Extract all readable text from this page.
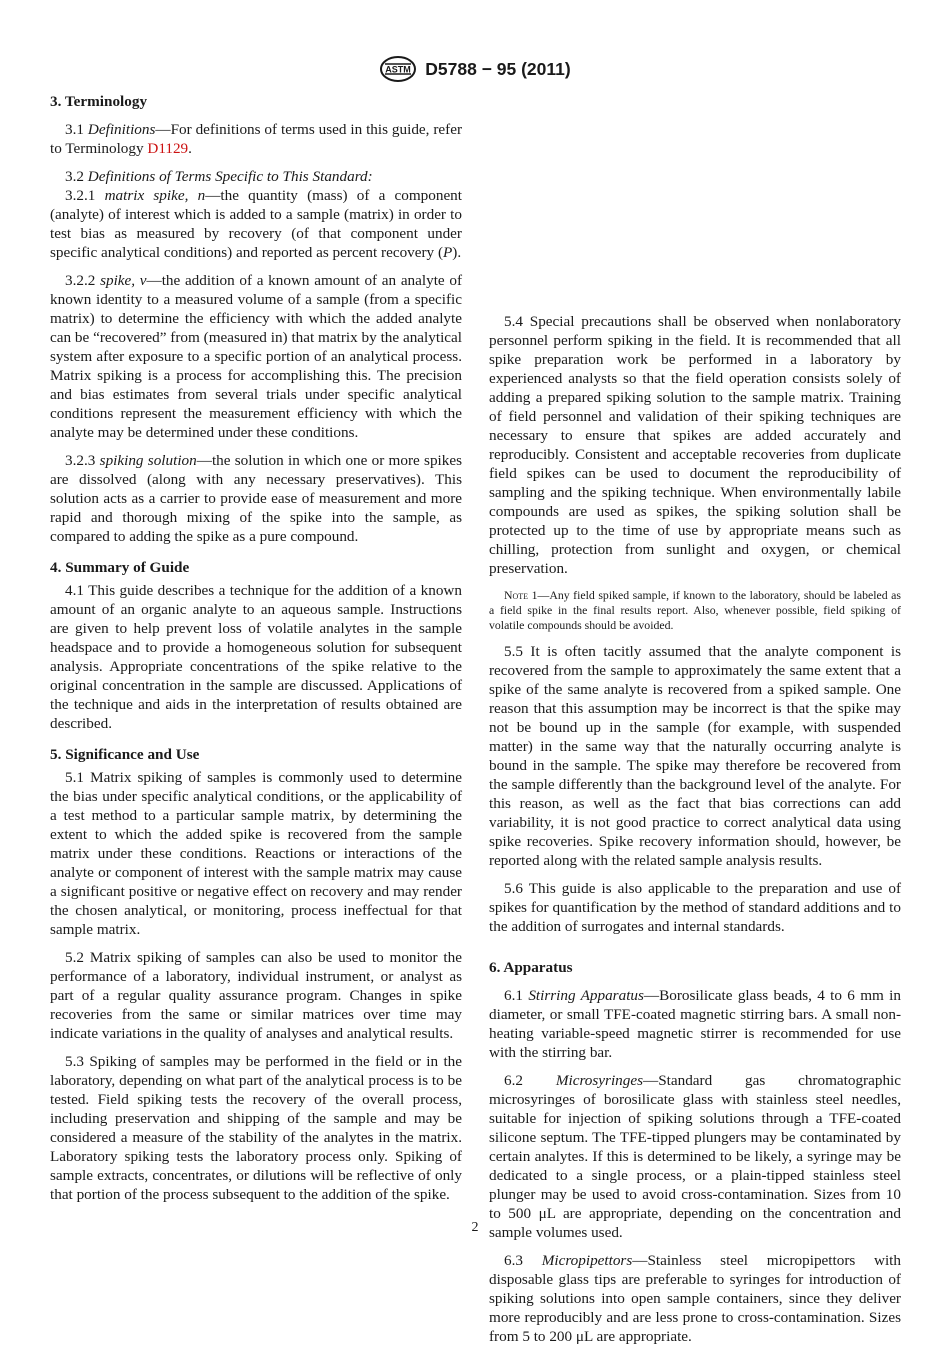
ASTM D5788 − 95 (2011)
3. Terminology

3.1 Definitions—For definitions of terms used in this guide, refer to Terminology D1129.

3.2 Definitions of Terms Specific to This Standard:

3.2.1 matrix spike, n—the quantity (mass) of a component (analyte) of interest which is added to a sample (matrix) in order to test bias as measured by recovery (of that component under specific analytical conditions) and reported as percent recovery (P).

3.2.2 spike, v—the addition of a known amount of an analyte of known identity to a measured volume of a sample (from a specific matrix) to determine the efficiency with which the added analyte can be “recovered” from (measured in) that matrix by the analytical system after exposure to a specific portion of an analytical process. Matrix spiking is a process for accomplishing this. The precision and bias estimates from several trials under specific analytical conditions represent the measurement efficiency with which the analyte may be determined under these conditions.

3.2.3 spiking solution—the solution in which one or more spikes are dissolved (along with any necessary preservatives). This solution acts as a carrier to provide ease of measurement and more rapid and thorough mixing of the spike into the sample, as compared to adding the spike as a pure compound.

4. Summary of Guide

4.1 This guide describes a technique for the addition of a known amount of an organic analyte to an aqueous sample. Instructions are given to help prevent loss of volatile analytes in the sample headspace and to provide a homogeneous solution for subsequent analysis. Appropriate concentrations of the spike relative to the original concentration in the sample are discussed. Applications of the technique and aids in the interpretation of results obtained are described.

5. Significance and Use

5.1 Matrix spiking of samples is commonly used to determine the bias under specific analytical conditions, or the applicability of a test method to a particular sample matrix, by determining the extent to which the added spike is recovered from the sample matrix under these conditions. Reactions or interactions of the analyte or component of interest with the sample matrix may cause a significant positive or negative effect on recovery and may render the chosen analytical, or monitoring, process ineffectual for that sample matrix.

5.2 Matrix spiking of samples can also be used to monitor the performance of a laboratory, individual instrument, or analyst as part of a regular quality assurance program. Changes in spike recoveries from the same or similar matrices over time may indicate variations in the quality of analyses and analytical results.

5.3 Spiking of samples may be performed in the field or in the laboratory, depending on what part of the analytical process is to be tested. Field spiking tests the recovery of the overall process, including preservation and shipping of the sample and may be considered a measure of the stability of the analytes in the matrix. Laboratory spiking tests the laboratory process only. Spiking of sample extracts, concentrates, or dilutions will be reflective of only that portion of the process subsequent to the addition of the spike.

5.4 Special precautions shall be observed when nonlaboratory personnel perform spiking in the field. It is recommended that all spike preparation work be performed in a laboratory by experienced analysts so that the field operation consists solely of adding a prepared spiking solution to the sample matrix. Training of field personnel and validation of their spiking techniques are necessary to ensure that spikes are added accurately and reproducibly. Consistent and acceptable recoveries from duplicate field spikes can be used to document the reproducibility of sampling and the spiking technique. When environmentally labile compounds are used as spikes, the spiking solution shall be protected up to the time of use by appropriate means such as chilling, protection from sunlight and oxygen, or chemical preservation.

Note 1—Any field spiked sample, if known to the laboratory, should be labeled as a field spike in the final results report. Also, whenever possible, field spiking of volatile compounds should be avoided.

5.5 It is often tacitly assumed that the analyte component is recovered from the sample to approximately the same extent that a spike of the same analyte is recovered from a spiked sample. One reason that this assumption may be incorrect is that the spike may not be bound up in the sample (for example, with suspended matter) in the same way that the naturally occurring analyte is bound in the sample. The spike may therefore be recovered from the sample differently than the background level of the analyte. For this reason, as well as the fact that bias corrections can add variability, it is not good practice to correct analytical data using spike recoveries. Spike recovery information should, however, be reported along with the related sample analysis results.

5.6 This guide is also applicable to the preparation and use of spikes for quantification by the method of standard additions and to the addition of surrogates and internal standards.

6. Apparatus

6.1 Stirring Apparatus—Borosilicate glass beads, 4 to 6 mm in diameter, or small TFE-coated magnetic stirring bars. A small non-heating variable-speed magnetic stirrer is recommended for use with the stirring bar.

6.2 Microsyringes—Standard gas chromatographic microsyringes of borosilicate glass with stainless steel needles, suitable for injection of spiking solutions through a TFE-coated silicone septum. The TFE-tipped plungers may be contaminated by certain analytes. If this is determined to be likely, a syringe may be dedicated to a single process, or a plain-tipped stainless steel plunger may be used to avoid cross-contamination. Sizes from 10 to 500 μL are appropriate, depending on the concentration and sample volumes used.

6.3 Micropipettors—Stainless steel micropipettors with disposable glass tips are preferable to syringes for introduction of spiking solutions into open sample containers, since they deliver more reproducibly and are less prone to cross-contamination. Sizes from 5 to 200 μL are appropriate.

2
